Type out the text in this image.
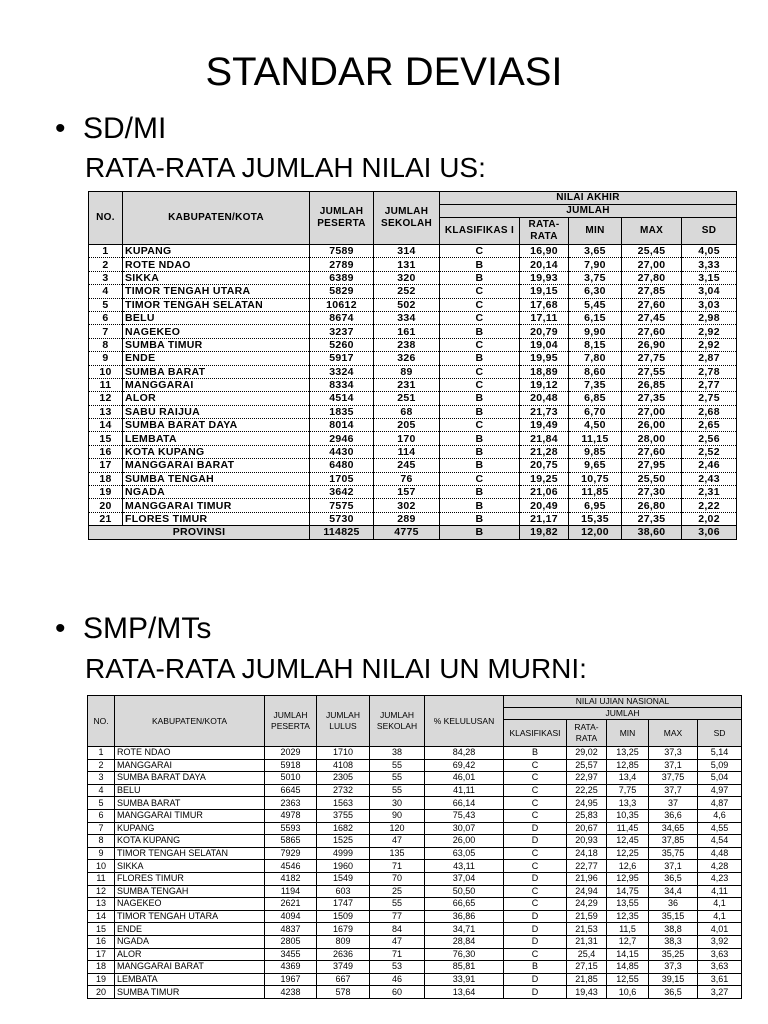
STANDAR DEVIASI
• SD/MI
RATA-RATA JUMLAH NILAI US:
NO.	KABUPATEN/KOTA	JUMLAH PESERTA	JUMLAH SEKOLAH	NILAI AKHIR				
				JUMLAH				
				KLASIFIKAS I	RATA-RATA	MIN	MAX	SD
1	KUPANG	7589	314	C	16,90	3,65	25,45	4,05
2	ROTE NDAO	2789	131	B	20,14	7,90	27,00	3,33
3	SIKKA	6389	320	B	19,93	3,75	27,80	3,15
4	TIMOR TENGAH UTARA	5829	252	C	19,15	6,30	27,85	3,04
5	TIMOR TENGAH SELATAN	10612	502	C	17,68	5,45	27,60	3,03
6	BELU	8674	334	C	17,11	6,15	27,45	2,98
7	NAGEKEO	3237	161	B	20,79	9,90	27,60	2,92
8	SUMBA TIMUR	5260	238	C	19,04	8,15	26,90	2,92
9	ENDE	5917	326	B	19,95	7,80	27,75	2,87
10	SUMBA BARAT	3324	89	C	18,89	8,60	27,55	2,78
11	MANGGARAI	8334	231	C	19,12	7,35	26,85	2,77
12	ALOR	4514	251	B	20,48	6,85	27,35	2,75
13	SABU RAIJUA	1835	68	B	21,73	6,70	27,00	2,68
14	SUMBA BARAT DAYA	8014	205	C	19,49	4,50	26,00	2,65
15	LEMBATA	2946	170	B	21,84	11,15	28,00	2,56
16	KOTA KUPANG	4430	114	B	21,28	9,85	27,60	2,52
17	MANGGARAI BARAT	6480	245	B	20,75	9,65	27,95	2,46
18	SUMBA TENGAH	1705	76	C	19,25	10,75	25,50	2,43
19	NGADA	3642	157	B	21,06	11,85	27,30	2,31
20	MANGGARAI TIMUR	7575	302	B	20,49	6,95	26,80	2,22
21	FLORES TIMUR	5730	289	B	21,17	15,35	27,35	2,02
PROVINSI		114825	4775	B	19,82	12,00	38,60	3,06
• SMP/MTs
RATA-RATA JUMLAH NILAI UN MURNI:
NO.	KABUPATEN/KOTA	JUMLAH PESERTA	JUMLAH LULUS	JUMLAH SEKOLAH	% KELULUSAN	NILAI UJIAN NASIONAL				
						JUMLAH				
						KLASIFIKASI	RATA-RATA	MIN	MAX	SD
1	ROTE NDAO	2029	1710	38	84,28	B	29,02	13,25	37,3	5,14
2	MANGGARAI	5918	4108	55	69,42	C	25,57	12,85	37,1	5,09
3	SUMBA BARAT DAYA	5010	2305	55	46,01	C	22,97	13,4	37,75	5,04
4	BELU	6645	2732	55	41,11	C	22,25	7,75	37,7	4,97
5	SUMBA BARAT	2363	1563	30	66,14	C	24,95	13,3	37	4,87
6	MANGGARAI TIMUR	4978	3755	90	75,43	C	25,83	10,35	36,6	4,6
7	KUPANG	5593	1682	120	30,07	D	20,67	11,45	34,65	4,55
8	KOTA KUPANG	5865	1525	47	26,00	D	20,93	12,45	37,85	4,54
9	TIMOR TENGAH SELATAN	7929	4999	135	63,05	C	24,18	12,25	35,75	4,48
10	SIKKA	4546	1960	71	43,11	C	22,77	12,6	37,1	4,28
11	FLORES TIMUR	4182	1549	70	37,04	D	21,96	12,95	36,5	4,23
12	SUMBA TENGAH	1194	603	25	50,50	C	24,94	14,75	34,4	4,11
13	NAGEKEO	2621	1747	55	66,65	C	24,29	13,55	36	4,1
14	TIMOR TENGAH UTARA	4094	1509	77	36,86	D	21,59	12,35	35,15	4,1
15	ENDE	4837	1679	84	34,71	D	21,53	11,5	38,8	4,01
16	NGADA	2805	809	47	28,84	D	21,31	12,7	38,3	3,92
17	ALOR	3455	2636	71	76,30	C	25,4	14,15	35,25	3,63
18	MANGGARAI BARAT	4369	3749	53	85,81	B	27,15	14,85	37,3	3,63
19	LEMBATA	1967	667	46	33,91	D	21,85	12,55	39,15	3,61
20	SUMBA TIMUR	4238	578	60	13,64	D	19,43	10,6	36,5	3,27
